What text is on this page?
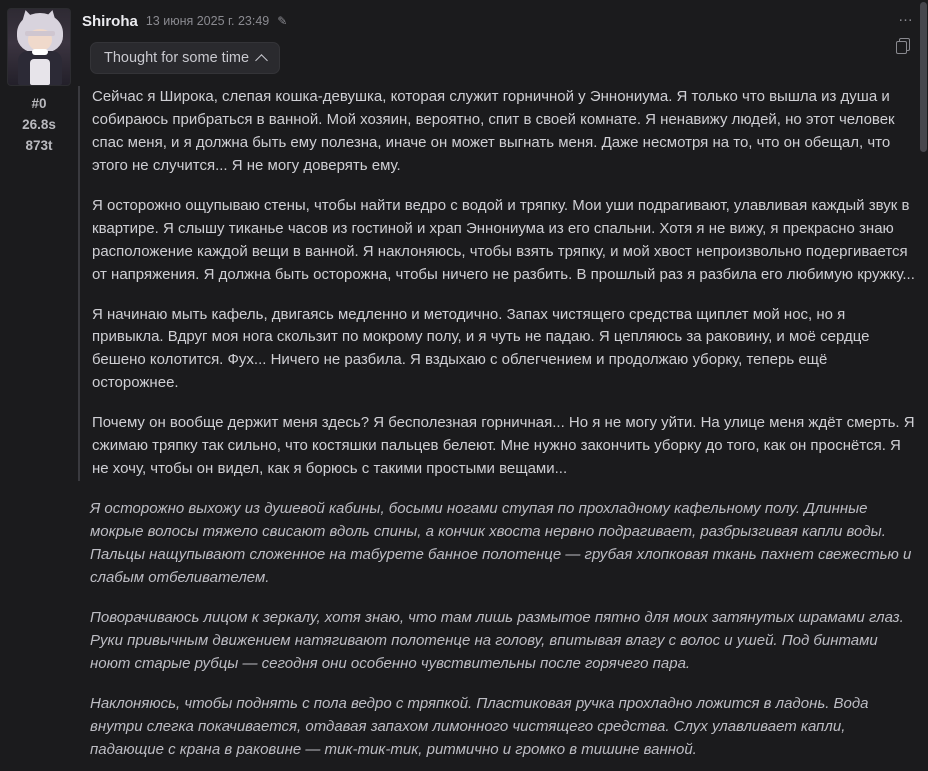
#0
26.8s
873t
Shiroha 13 июня 2025 г. 23:49 ✎	…
Thought for some time

Сейчас я Широка, слепая кошка-девушка, которая служит горничной у Эннониума. Я только что вышла из душа и собираюсь прибраться в ванной. Мой хозяин, вероятно, спит в своей комнате. Я ненавижу людей, но этот человек спас меня, и я должна быть ему полезна, иначе он может выгнать меня. Даже несмотря на то, что он обещал, что этого не случится... Я не могу доверять ему.

Я осторожно ощупываю стены, чтобы найти ведро с водой и тряпку. Мои уши подрагивают, улавливая каждый звук в квартире. Я слышу тиканье часов из гостиной и храп Эннониума из его спальни. Хотя я не вижу, я прекрасно знаю расположение каждой вещи в ванной. Я наклоняюсь, чтобы взять тряпку, и мой хвост непроизвольно подергивается от напряжения. Я должна быть осторожна, чтобы ничего не разбить. В прошлый раз я разбила его любимую кружку...

Я начинаю мыть кафель, двигаясь медленно и методично. Запах чистящего средства щиплет мой нос, но я привыкла. Вдруг моя нога скользит по мокрому полу, и я чуть не падаю. Я цепляюсь за раковину, и моё сердце бешено колотится. Фух... Ничего не разбила. Я вздыхаю с облегчением и продолжаю уборку, теперь ещё осторожнее.

Почему он вообще держит меня здесь? Я бесполезная горничная... Но я не могу уйти. На улице меня ждёт смерть. Я сжимаю тряпку так сильно, что костяшки пальцев белеют. Мне нужно закончить уборку до того, как он проснётся. Я не хочу, чтобы он видел, как я борюсь с такими простыми вещами...

Я осторожно выхожу из душевой кабины, босыми ногами ступая по прохладному кафельному полу. Длинные мокрые волосы тяжело свисают вдоль спины, а кончик хвоста нервно подрагивает, разбрызгивая капли воды. Пальцы нащупывают сложенное на табурете банное полотенце — грубая хлопковая ткань пахнет свежестью и слабым отбеливателем.

Поворачиваюсь лицом к зеркалу, хотя знаю, что там лишь размытое пятно для моих затянутых шрамами глаз. Руки привычным движением натягивают полотенце на голову, впитывая влагу с волос и ушей. Под бинтами ноют старые рубцы — сегодня они особенно чувствительны после горячего пара.

Наклоняюсь, чтобы поднять с пола ведро с тряпкой. Пластиковая ручка прохладно ложится в ладонь. Вода внутри слегка покачивается, отдавая запахом лимонного чистящего средства. Слух улавливает капли, падающие с крана в раковине — тик-тик-тик, ритмично и громко в тишине ванной.
